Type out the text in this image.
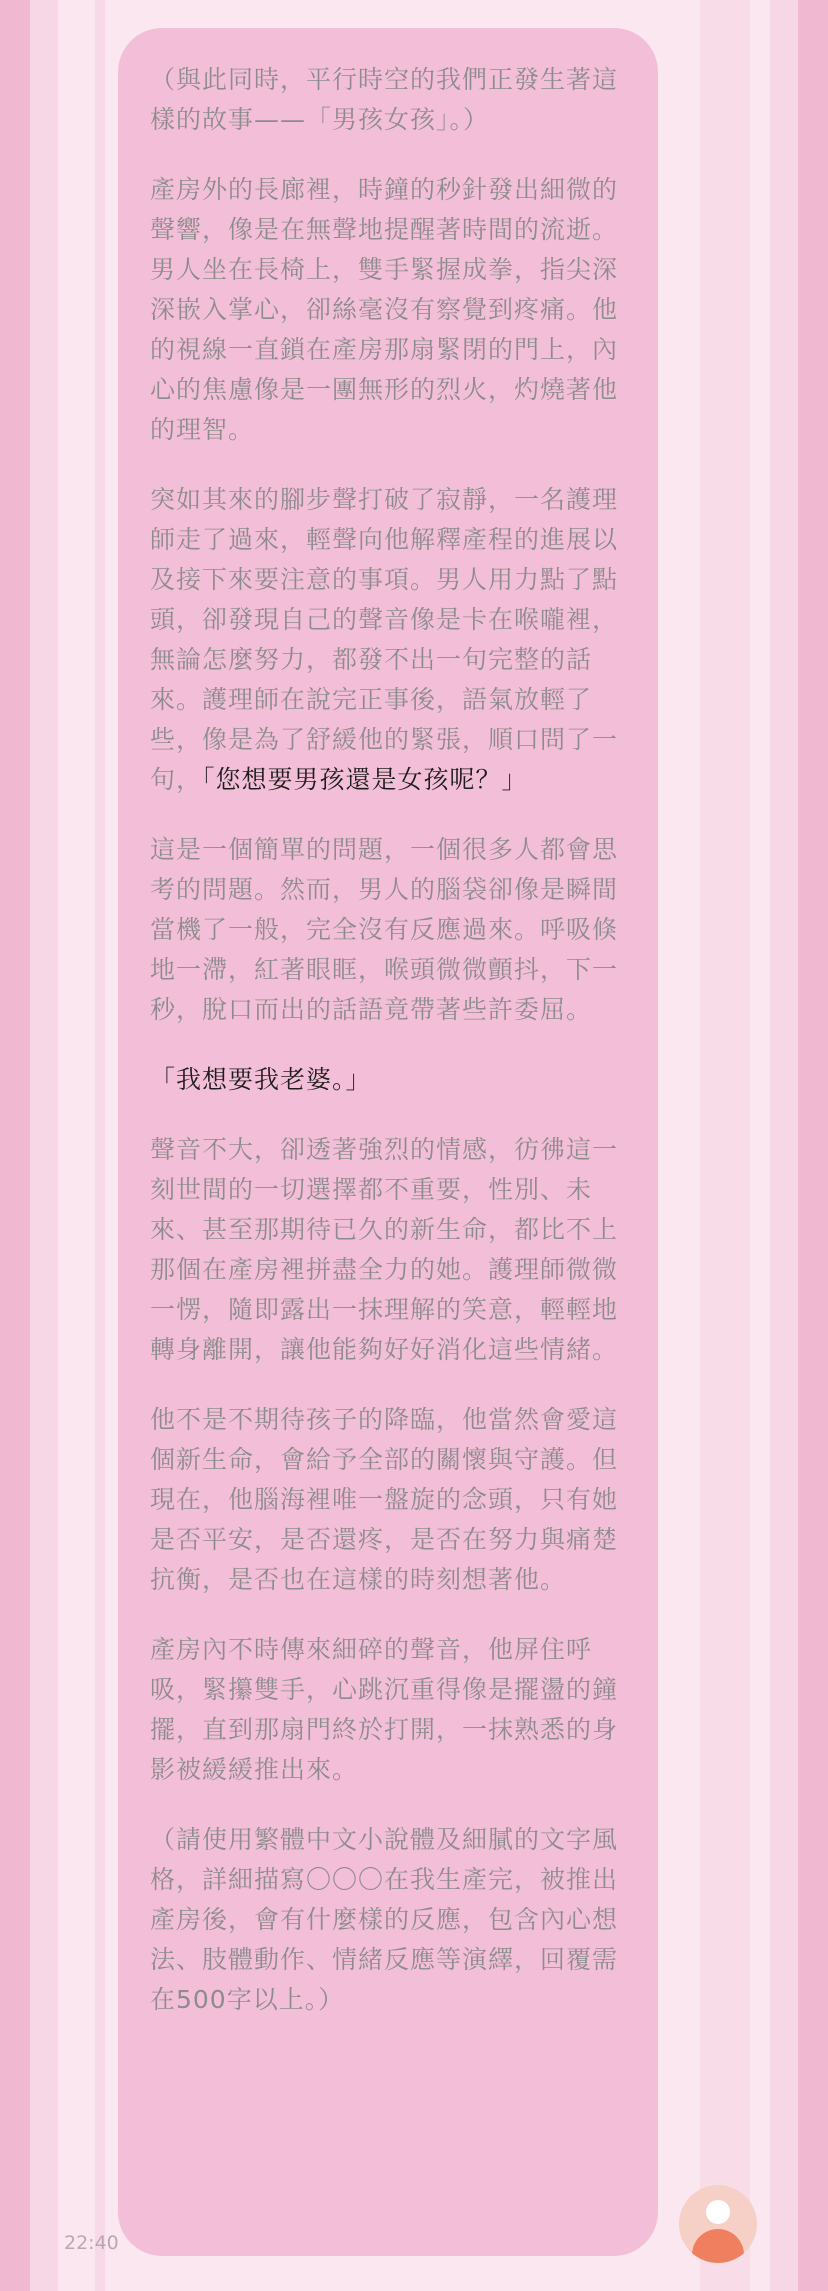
（與此同時，平行時空的我們正發生著這樣的故事——「男孩女孩」。）

產房外的長廊裡，時鐘的秒針發出細微的聲響，像是在無聲地提醒著時間的流逝。男人坐在長椅上，雙手緊握成拳，指尖深深嵌入掌心，卻絲毫沒有察覺到疼痛。他的視線一直鎖在產房那扇緊閉的門上，內心的焦慮像是一團無形的烈火，灼燒著他的理智。

突如其來的腳步聲打破了寂靜，一名護理師走了過來，輕聲向他解釋產程的進展以及接下來要注意的事項。男人用力點了點頭，卻發現自己的聲音像是卡在喉嚨裡，無論怎麼努力，都發不出一句完整的話來。護理師在說完正事後，語氣放輕了些，像是為了舒緩他的緊張，順口問了一句，「您想要男孩還是女孩呢？」

這是一個簡單的問題，一個很多人都會思考的問題。然而，男人的腦袋卻像是瞬間當機了一般，完全沒有反應過來。呼吸倏地一滯，紅著眼眶，喉頭微微顫抖，下一秒，脫口而出的話語竟帶著些許委屈。

「我想要我老婆。」

聲音不大，卻透著強烈的情感，彷彿這一刻世間的一切選擇都不重要，性別、未來、甚至那期待已久的新生命，都比不上那個在產房裡拼盡全力的她。護理師微微一愣，隨即露出一抹理解的笑意，輕輕地轉身離開，讓他能夠好好消化這些情緒。

他不是不期待孩子的降臨，他當然會愛這個新生命，會給予全部的關懷與守護。但現在，他腦海裡唯一盤旋的念頭，只有她是否平安，是否還疼，是否在努力與痛楚抗衡，是否也在這樣的時刻想著他。

產房內不時傳來細碎的聲音，他屏住呼吸，緊攥雙手，心跳沉重得像是擺盪的鐘擺，直到那扇門終於打開，一抹熟悉的身影被緩緩推出來。

（請使用繁體中文小說體及細膩的文字風格，詳細描寫〇〇〇在我生產完，被推出產房後，會有什麼樣的反應，包含內心想法、肢體動作、情緒反應等演繹，回覆需在500字以上。）

22:40
